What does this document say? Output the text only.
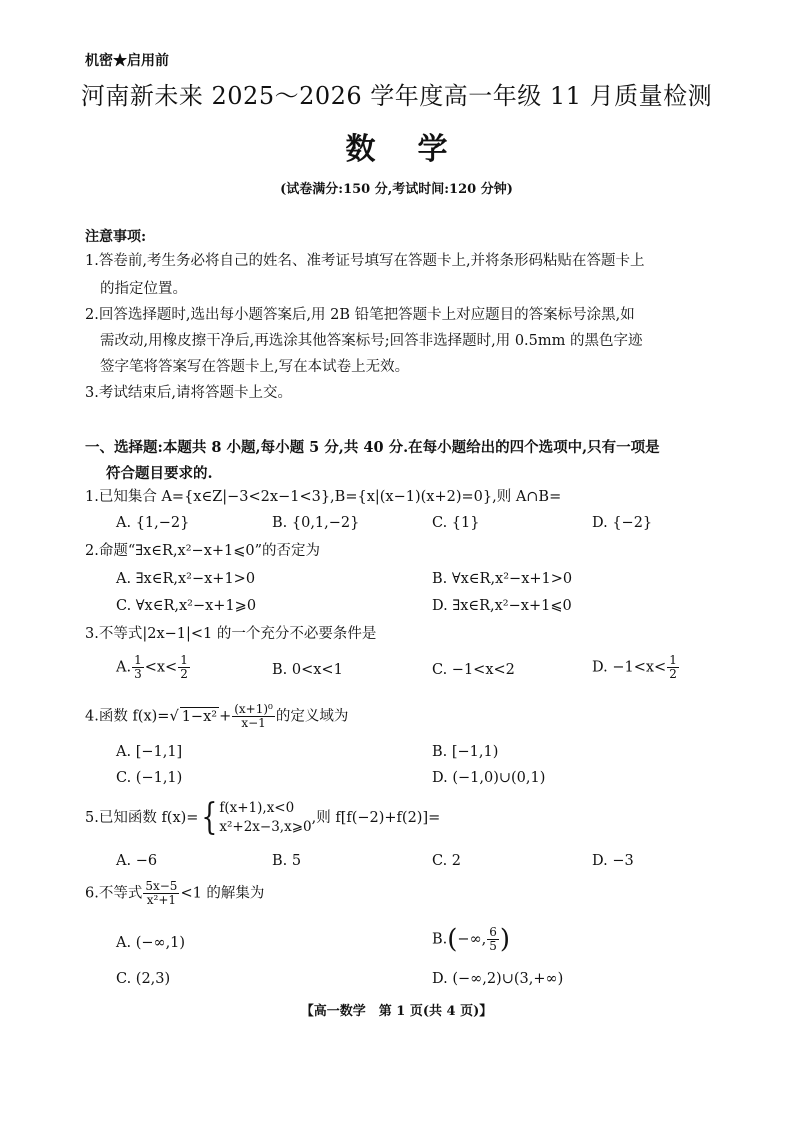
机密★启用前
河南新未来 2025～2026 学年度高一年级 11 月质量检测
数学
(试卷满分:150 分,考试时间:120 分钟)
注意事项:
1.答卷前,考生务必将自己的姓名、准考证号填写在答题卡上,并将条形码粘贴在答题卡上
的指定位置。
2.回答选择题时,选出每小题答案后,用 2B 铅笔把答题卡上对应题目的答案标号涂黑,如
需改动,用橡皮擦干净后,再选涂其他答案标号;回答非选择题时,用 0.5mm 的黑色字迹
签字笔将答案写在答题卡上,写在本试卷上无效。
3.考试结束后,请将答题卡上交。
一、选择题:本题共 8 小题,每小题 5 分,共 40 分.在每小题给出的四个选项中,只有一项是
符合题目要求的.
1.已知集合 A={x∈Z|−3<2x−1<3},B={x|(x−1)(x+2)=0},则 A∩B=
A. {1,−2}	B. {0,1,−2}	C. {1}	D. {−2}
2.命题“∃x∈R,x²−x+1⩽0”的否定为
A. ∃x∈R,x²−x+1>0	B. ∀x∈R,x²−x+1>0
C. ∀x∈R,x²−x+1⩾0	D. ∃x∈R,x²−x+1⩽0
3.不等式|2x−1|<1 的一个充分不必要条件是
A. $\frac{1}{3} <x< \frac{1}{2}$	B. 0<x<1	C. −1<x<2	D. $-1<x< \frac{1}{2}$
4.函数 f(x)=√ $1-x^2 + \frac{\text{(x+1)⁰}}{x-1}$ 的定义域为
A. [−1,1]	B. [−1,1)
C. (−1,1)	D. (−1,0)∪(0,1)
5.已知函数 f(x)={ f(x+1),x<0
x²+2x−3,x⩾0
,则 f[f(−2)+f(2)]=
A. −6	B. 5	C. 2	D. −3
6.不等式 $\frac{5x-5}{\text{x²+1}} <1$ 的解集为
A. (−∞,1)	B.(−∞, $\frac{6}{5}$ )
C. (2,3)	D. (−∞,2)∪(3,+∞)
【高一数学　第 1 页(共 4 页)】
